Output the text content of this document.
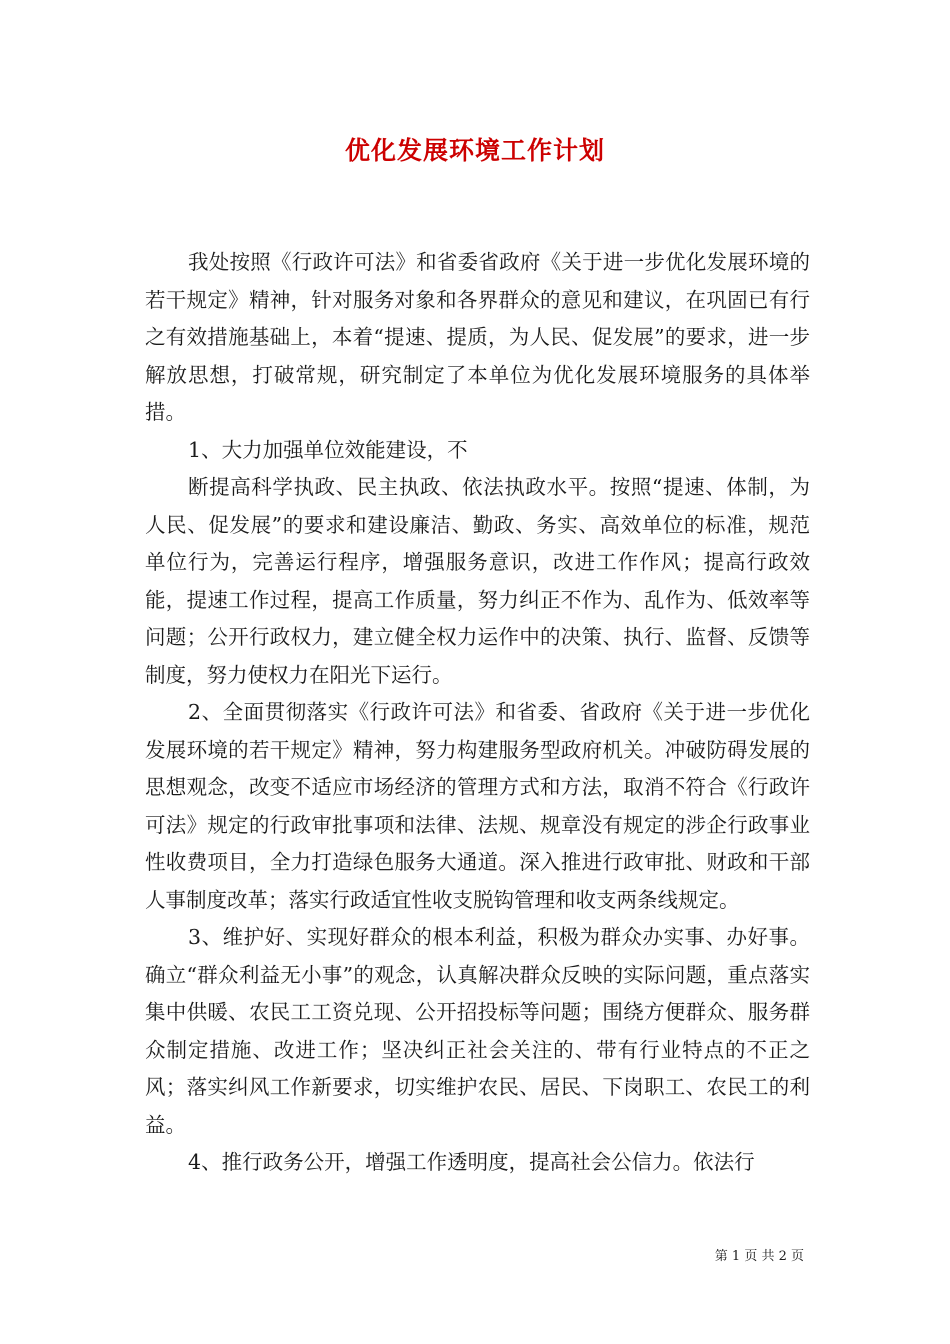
优化发展环境工作计划

我处按照《行政许可法》和省委省政府《关于进一步优化发展环境的若干规定》精神，针对服务对象和各界群众的意见和建议，在巩固已有行之有效措施基础上，本着“提速、提质，为人民、促发展”的要求，进一步解放思想，打破常规，研究制定了本单位为优化发展环境服务的具体举措。

1、大力加强单位效能建设，不

断提高科学执政、民主执政、依法执政水平。按照“提速、体制，为人民、促发展”的要求和建设廉洁、勤政、务实、高效单位的标准，规范单位行为，完善运行程序，增强服务意识，改进工作作风；提高行政效能，提速工作过程，提高工作质量，努力纠正不作为、乱作为、低效率等问题；公开行政权力，建立健全权力运作中的决策、执行、监督、反馈等制度，努力使权力在阳光下运行。

2、全面贯彻落实《行政许可法》和省委、省政府《关于进一步优化发展环境的若干规定》精神，努力构建服务型政府机关。冲破防碍发展的思想观念，改变不适应市场经济的管理方式和方法，取消不符合《行政许可法》规定的行政审批事项和法律、法规、规章没有规定的涉企行政事业性收费项目，全力打造绿色服务大通道。深入推进行政审批、财政和干部人事制度改革；落实行政适宜性收支脱钩管理和收支两条线规定。

3、维护好、实现好群众的根本利益，积极为群众办实事、办好事。确立“群众利益无小事”的观念，认真解决群众反映的实际问题，重点落实集中供暖、农民工工资兑现、公开招投标等问题；围绕方便群众、服务群众制定措施、改进工作；坚决纠正社会关注的、带有行业特点的不正之风；落实纠风工作新要求，切实维护农民、居民、下岗职工、农民工的利益。

4、推行政务公开，增强工作透明度，提高社会公信力。依法行

第 1 页 共 2 页
